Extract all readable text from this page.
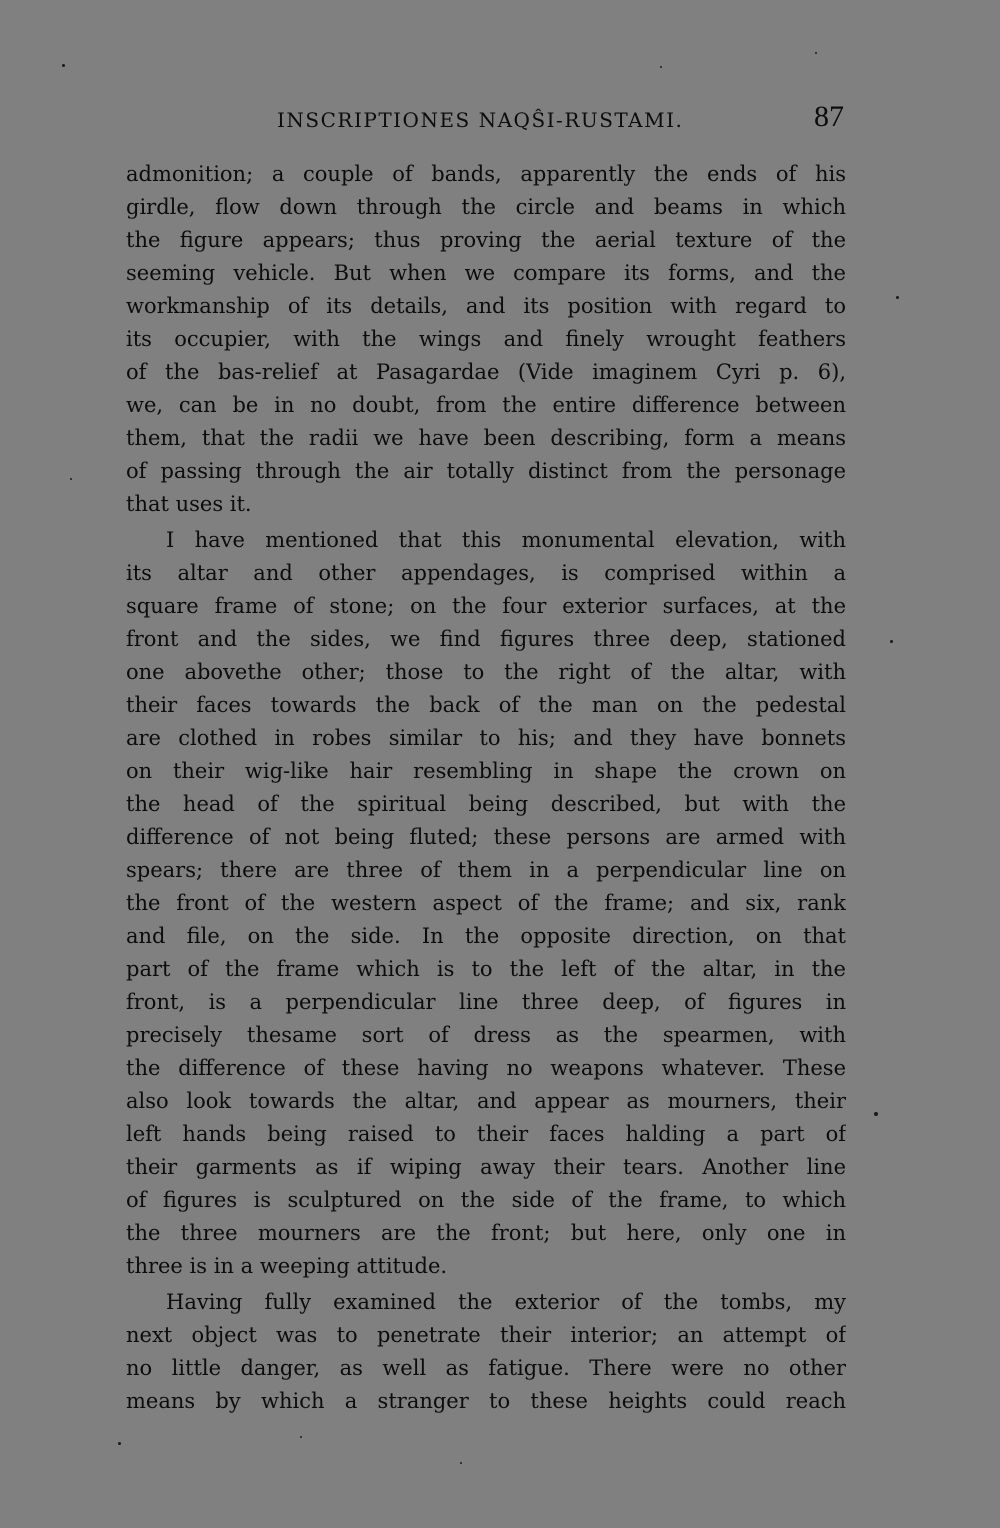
INSCRIPTIONES NAQŜI-RUSTAMI.	87
admonition; a couple of bands, apparently the ends of his
girdle, flow down through the circle and beams in which
the figure appears; thus proving the aerial texture of the
seeming vehicle. But when we compare its forms, and the
workmanship of its details, and its position with regard to
its occupier, with the wings and finely wrought feathers
of the bas-relief at Pasagardae (Vide imaginem Cyri p. 6),
we, can be in no doubt, from the entire difference between
them, that the radii we have been describing, form a means
of passing through the air totally distinct from the personage
that uses it.
I have mentioned that this monumental elevation, with
its altar and other appendages, is comprised within a
square frame of stone; on the four exterior surfaces, at the
front and the sides, we find figures three deep, stationed
one abovethe other; those to the right of the altar, with
their faces towards the back of the man on the pedestal
are clothed in robes similar to his; and they have bonnets
on their wig-like hair resembling in shape the crown on
the head of the spiritual being described, but with the
difference of not being fluted; these persons are armed with
spears; there are three of them in a perpendicular line on
the front of the western aspect of the frame; and six, rank
and file, on the side. In the opposite direction, on that
part of the frame which is to the left of the altar, in the
front, is a perpendicular line three deep, of figures in
precisely thesame sort of dress as the spearmen, with
the difference of these having no weapons whatever. These
also look towards the altar, and appear as mourners, their
left hands being raised to their faces halding a part of
their garments as if wiping away their tears. Another line
of figures is sculptured on the side of the frame, to which
the three mourners are the front; but here, only one in
three is in a weeping attitude.
Having fully examined the exterior of the tombs, my
next object was to penetrate their interior; an attempt of
no little danger, as well as fatigue. There were no other
means by which a stranger to these heights could reach
